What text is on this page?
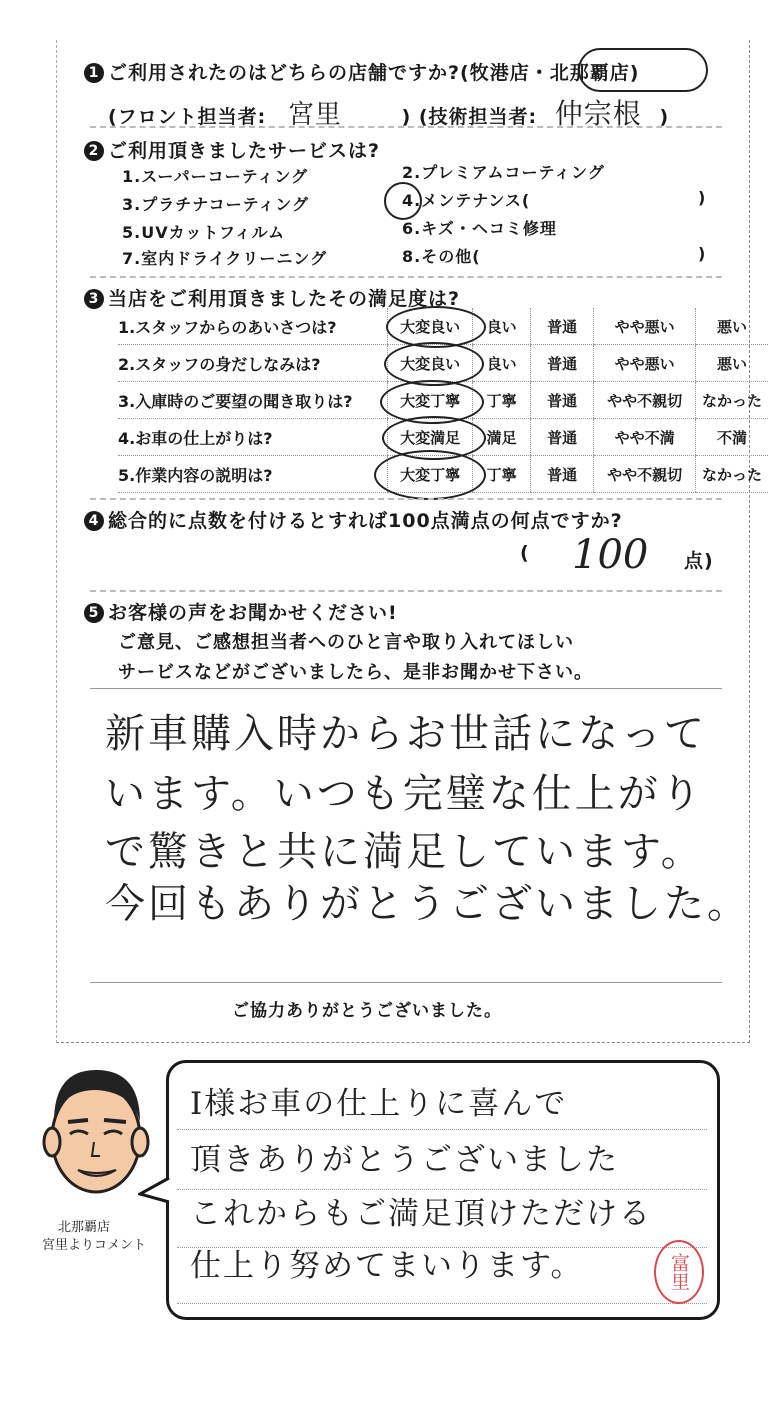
1 ご利用されたのはどちらの店舗ですか?(牧港店・北那覇店)
(フロント担当者: 宮里	) (技術担当者: 仲宗根 )
2 ご利用頂きましたサービスは?
1.スーパーコーティング	2.プレミアムコーティング
3.プラチナコーティング	4.メンテナンス(	)
5.UVカットフィルム	6.キズ・ヘコミ修理
7.室内ドライクリーニング	8.その他(	)
3 当店をご利用頂きましたその満足度は?
1.スタッフからのあいさつは?	大変良い	良い	普通	やや悪い	悪い
2.スタッフの身だしなみは?	大変良い	良い	普通	やや悪い	悪い
3.入庫時のご要望の聞き取りは?	大変丁寧	丁寧	普通	やや不親切	なかった
4.お車の仕上がりは?	大変満足	満足	普通	やや不満	不満
5.作業内容の説明は?	大変丁寧	丁寧	普通	やや不親切	なかった
4 総合的に点数を付けるとすれば100点満点の何点ですか?
( 100 点)
5 お客様の声をお聞かせください!
ご意見、ご感想担当者へのひと言や取り入れてほしい
サービスなどがございましたら、是非お聞かせ下さい。
新車購入時からお世話になって
います。いつも完璧な仕上がり
で驚きと共に満足しています。
今回もありがとうございました。
ご協力ありがとうございました。
北那覇店
宮里よりコメント
I様お車の仕上りに喜んで
頂きありがとうございました
これからもご満足頂けただける
仕上り努めてまいります。	富里
